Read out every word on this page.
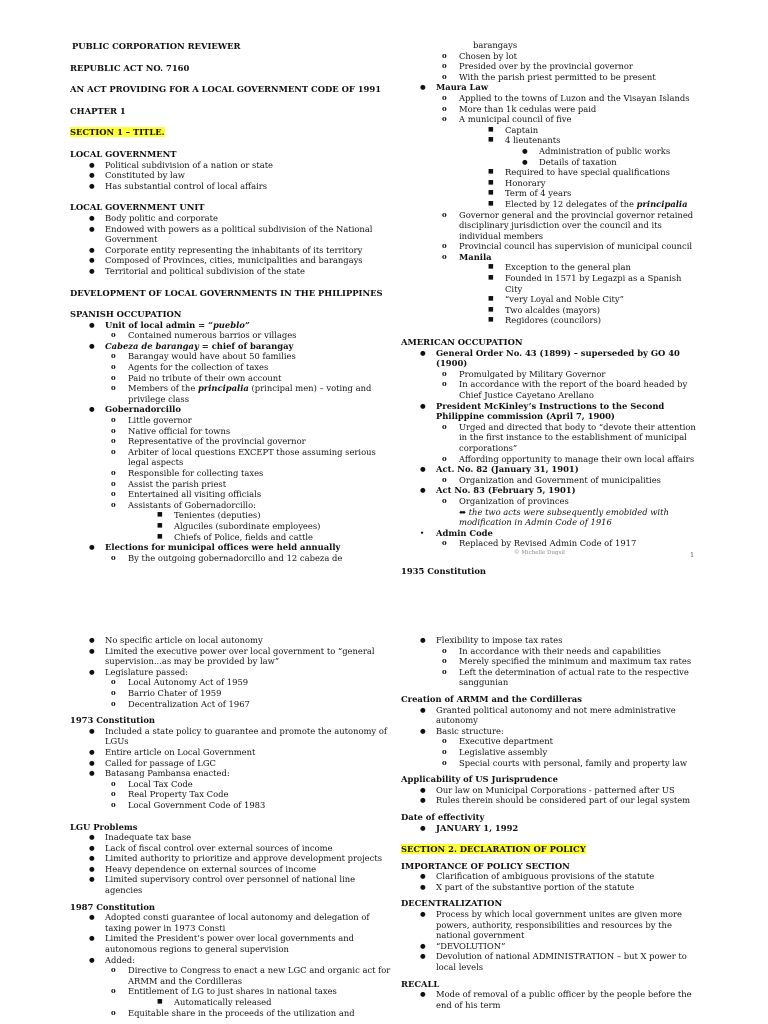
PUBLIC CORPORATION REVIEWER

REPUBLIC ACT NO. 7160

AN ACT PROVIDING FOR A LOCAL GOVERNMENT CODE OF 1991

CHAPTER 1

SECTION 1 – TITLE.

LOCAL GOVERNMENT

● Political subdivision of a nation or state
● Constituted by law
● Has substantial control of local affairs

LOCAL GOVERNMENT UNIT

● Body politic and corporate
● Endowed with powers as a political subdivision of the National Government
● Corporate entity representing the inhabitants of its territory
● Composed of Provinces, cities, municipalities and barangays
● Territorial and political subdivision of the state

DEVELOPMENT OF LOCAL GOVERNMENTS IN THE PHILIPPINES

SPANISH OCCUPATION

● Unit of local admin = “pueblo”
o Contained numerous barrios or villages
● Cabeza de barangay = chief of barangay
o Barangay would have about 50 families
o Agents for the collection of taxes
o Paid no tribute of their own account
o Members of the principalia (principal men) – voting and privilege class
● Gobernadorcillo
o Little governor
o Native official for towns
o Representative of the provincial governor
o Arbiter of local questions EXCEPT those assuming serious legal aspects
o Responsible for collecting taxes
o Assist the parish priest
o Entertained all visiting officials
o Assistants of Gobernadorcillo:
■ Tenientes (deputies)
■ Alguciles (subordinate employees)
■ Chiefs of Police, fields and cattle
● Elections for municipal offices were held annually
o By the outgoing gobernadorcillo and 12 cabeza de
barangays
o Chosen by lot
o Presided over by the provincial governor
o With the parish priest permitted to be present
● Maura Law
o Applied to the towns of Luzon and the Visayan Islands
o More than 1k cedulas were paid
o A municipal council of five
■ Captain
■ 4 lieutenants
● Administration of public works
● Details of taxation
■ Required to have special qualifications
■ Honorary
■ Term of 4 years
■ Elected by 12 delegates of the principalia
o Governor general and the provincial governor retained disciplinary jurisdiction over the council and its individual members
o Provincial council has supervision of municipal council
o Manila
■ Exception to the general plan
■ Founded in 1571 by Legazpi as a Spanish City
■ “very Loyal and Noble City”
■ Two alcaldes (mayors)
■ Regidores (councilors)

AMERICAN OCCUPATION

● General Order No. 43 (1899) – superseded by GO 40 (1900)
o Promulgated by Military Governor
o In accordance with the report of the board headed by Chief Justice Cayetano Arellano
● President McKinley’s Instructions to the Second Philippine commission (April 7, 1900)
o Urged and directed that body to “devote their attention in the first instance to the establishment of municipal corporations”
o Affording opportunity to manage their own local affairs
● Act. No. 82 (January 31, 1901)
o Organization and Government of municipalities
● Act No. 83 (February 5, 1901)
o Organization of provinces
⬌ the two acts were subsequently emobided with modification in Admin Code of 1916
• Admin Code
o Replaced by Revised Admin Code of 1917

1935 Constitution

© Michelle Dugsil	1
● No specific article on local autonomy
● Limited the executive power over local government to “general supervision...as may be provided by law”
● Legislature passed:
o Local Autonomy Act of 1959
o Barrio Chater of 1959
o Decentralization Act of 1967

1973 Constitution

● Included a state policy to guarantee and promote the autonomy of LGUs
● Entire article on Local Government
● Called for passage of LGC
● Batasang Pambansa enacted:
o Local Tax Code
o Real Property Tax Code
o Local Government Code of 1983

LGU Problems

● Inadequate tax base
● Lack of fiscal control over external sources of income
● Limited authority to prioritize and approve development projects
● Heavy dependence on external sources of income
● Limited supervisory control over personnel of national line agencies

1987 Constitution

● Adopted consti guarantee of local autonomy and delegation of taxing power in 1973 Consti
● Limited the President’s power over local governments and autonomous regions to general supervision
● Added:
o Directive to Congress to enact a new LGC and organic act for ARMM and the Cordilleras
o Entitlement of LG to just shares in national taxes
■ Automatically released
o Equitable share in the proceeds of the utilization and
● Flexibility to impose tax rates
o In accordance with their needs and capabilities
o Merely specified the minimum and maximum tax rates
o Left the determination of actual rate to the respective sanggunian

Creation of ARMM and the Cordilleras

● Granted political autonomy and not mere administrative autonomy
● Basic structure:
o Executive department
o Legislative assembly
o Special courts with personal, family and property law

Applicability of US Jurisprudence

● Our law on Municipal Corporations - patterned after US
● Rules therein should be considered part of our legal system

Date of effectivity

● JANUARY 1, 1992

SECTION 2. DECLARATION OF POLICY

IMPORTANCE OF POLICY SECTION

● Clarification of ambiguous provisions of the statute
● X part of the substantive portion of the statute

DECENTRALIZATION

● Process by which local government unites are given more powers, authority, responsibilities and resources by the national government
● “DEVOLUTION”
● Devolution of national ADMINISTRATION – but X power to local levels

RECALL

● Mode of removal of a public officer by the people before the end of his term
